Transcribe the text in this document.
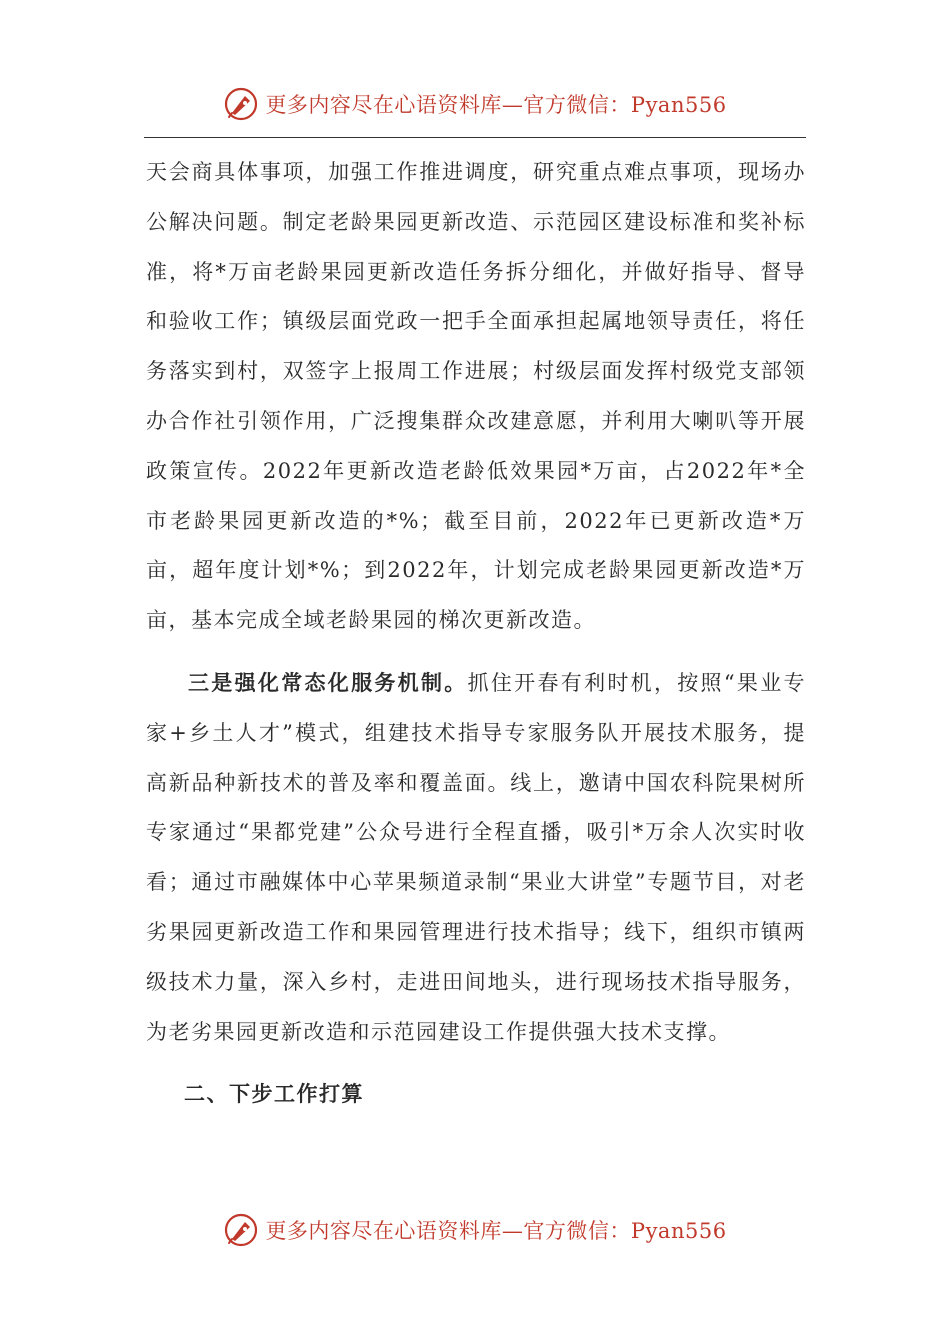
更多内容尽在心语资料库—官方微信：Pyan556

天会商具体事项，加强工作推进调度，研究重点难点事项，现场办公解决问题。制定老龄果园更新改造、示范园区建设标准和奖补标准，将*万亩老龄果园更新改造任务拆分细化，并做好指导、督导和验收工作；镇级层面党政一把手全面承担起属地领导责任，将任务落实到村，双签字上报周工作进展；村级层面发挥村级党支部领办合作社引领作用，广泛搜集群众改建意愿，并利用大喇叭等开展政策宣传。2022年更新改造老龄低效果园*万亩，占2022年*全市老龄果园更新改造的*%；截至目前，2022年已更新改造*万亩，超年度计划*%；到2022年，计划完成老龄果园更新改造*万亩，基本完成全域老龄果园的梯次更新改造。

三是强化常态化服务机制。抓住开春有利时机，按照“果业专家+乡土人才”模式，组建技术指导专家服务队开展技术服务，提高新品种新技术的普及率和覆盖面。线上，邀请中国农科院果树所专家通过“果都党建”公众号进行全程直播，吸引*万余人次实时收看；通过市融媒体中心苹果频道录制“果业大讲堂”专题节目，对老劣果园更新改造工作和果园管理进行技术指导；线下，组织市镇两级技术力量，深入乡村，走进田间地头，进行现场技术指导服务，为老劣果园更新改造和示范园建设工作提供强大技术支撑。

二、下步工作打算

更多内容尽在心语资料库—官方微信：Pyan556
